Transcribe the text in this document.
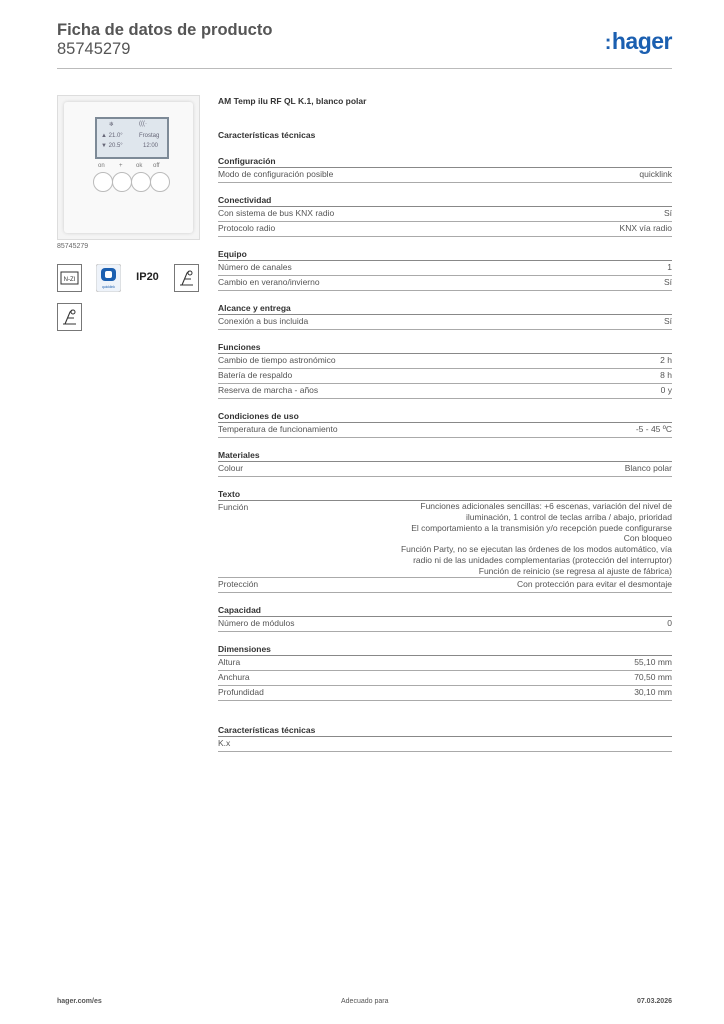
Ficha de datos de producto
85745279	:hager
❄	(((·
▲ 21.0°
▼ 20.5°
Frostag
12:00
on + ok off
85745279
N-ZI
quicklink
IP20
AM Temp ilu RF QL K.1, blanco polar
Características técnicas
Configuración
Modo de configuración posible	quicklink
Conectividad
Con sistema de bus KNX radio	Sí
Protocolo radio	KNX vía radio
Equipo
Número de canales	1
Cambio en verano/invierno	Sí
Alcance y entrega
Conexión a bus incluida	Sí
Funciones
Cambio de tiempo astronómico	2 h
Batería de respaldo	8 h
Reserva de marcha - años	0 y
Condiciones de uso
Temperatura de funcionamiento	-5 - 45 ºC
Materiales
Colour	Blanco polar
Texto
Función	Funciones adicionales sencillas: +6 escenas, variación del nivel de
iluminación, 1 control de teclas arriba / abajo, prioridad
El comportamiento a la transmisión y/o recepción puede configurarse
Con bloqueo
Función Party, no se ejecutan las órdenes de los modos automático, vía
radio ni de las unidades complementarias (protección del interruptor)
Función de reinicio (se regresa al ajuste de fábrica)
Protección	Con protección para evitar el desmontaje
Capacidad
Número de módulos	0
Dimensiones
Altura	55,10 mm
Anchura	70,50 mm
Profundidad	30,10 mm
Características técnicas
K.x
hager.com/es	Adecuado para	07.03.2026
